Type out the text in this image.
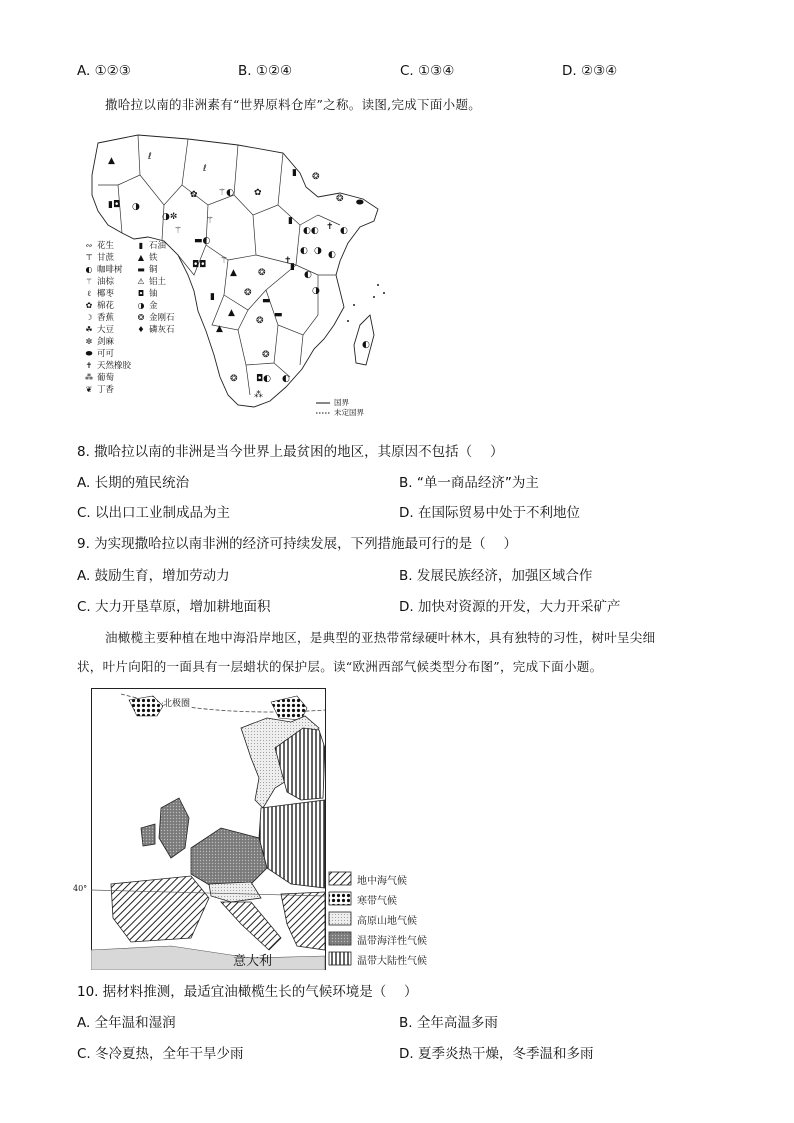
A. ①②③	B. ①②④	C. ①③④	D. ②③④
撒哈拉以南的非洲素有“世界原料仓库”之称。读图,完成下面小题。
▲	ℓ
ℓ
▮◘
✿ ⚚◐
◑
◑✼
⚚
▬◐
⚚
✿
▮
▮
◐◐ ✝ ◐
❂
❂
⬬
◐ ◑ ◐
◘◘ ⚚
▲ ❂
✝
◐
▮
◑
❂
▮
▲
▬
▬
❂
▲
❂
❂ ◘◐ ◐
⁂
◐
∾ 花生
⊤ 甘蔗
◐ 咖啡树
⚚ 油棕
ℓ 椰枣
✿ 棉花
☽ 香蕉
☘ 大豆
✼ 剑麻
⬬ 可可
✝ 天然橡胶
⁂ 葡萄
❦ 丁香
▮ 石油
▲ 铁
▬ 铜
⚠ 铝土
◘ 铀
◑ 金
❂ 金刚石
♦ 磷灰石
国界
未定国界
8. 撒哈拉以南的非洲是当今世界上最贫困的地区，其原因不包括（　 ）
A. 长期的殖民统治	B. “单一商品经济”为主
C. 以出口工业制成品为主	D. 在国际贸易中处于不利地位
9. 为实现撒哈拉以南非洲的经济可持续发展，下列措施最可行的是（　 ）
A. 鼓励生育，增加劳动力	B. 发展民族经济，加强区域合作
C. 大力开垦草原，增加耕地面积	D. 加快对资源的开发，大力开采矿产
油橄榄主要种植在地中海沿岸地区，是典型的亚热带常绿硬叶林木，具有独特的习性，树叶呈尖细
状，叶片向阳的一面具有一层蜡状的保护层。读“欧洲西部气候类型分布图”，完成下面小题。
北极圈
40°
意大利
地中海气候
寒带气候
高原山地气候
温带海洋性气候
温带大陆性气候
10. 据材料推测，最适宜油橄榄生长的气候环境是（　 ）
A. 全年温和湿润	B. 全年高温多雨
C. 冬冷夏热，全年干旱少雨	D. 夏季炎热干燥，冬季温和多雨
